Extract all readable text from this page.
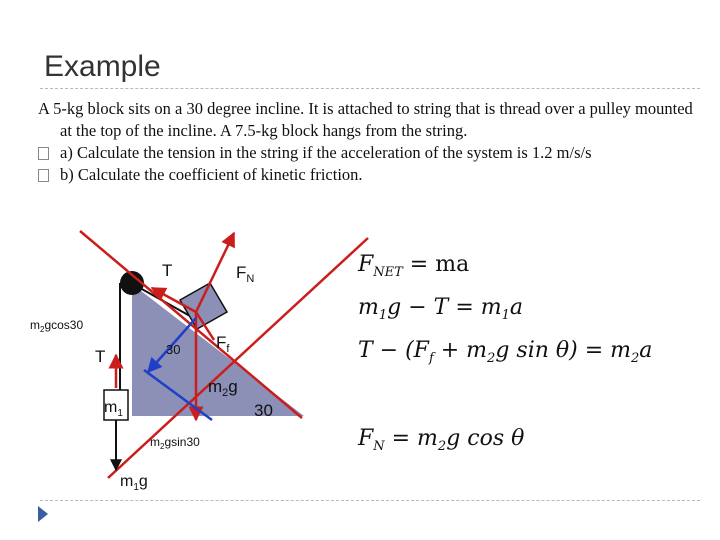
Example
A 5-kg block sits on a 30 degree incline. It is attached to string that is thread over a pulley mounted at the top of the incline. A 7.5-kg block hangs from the string.
a) Calculate the tension in the string if the acceleration of the system is 1.2 m/s/s
b) Calculate the coefficient of kinetic friction.
T	$F_N$
$m_2gcos30$
T	30 $F_f$
$m_2g$
30
$m_1$
$m_2gsin30$
$m_1g$
$F_{NET}$ = ma
$m_1g - T = m_1a$
$T - (F_f + m_2g$ $\sin \theta) = m_2a$
$F_N = m_2g$ cos θ
